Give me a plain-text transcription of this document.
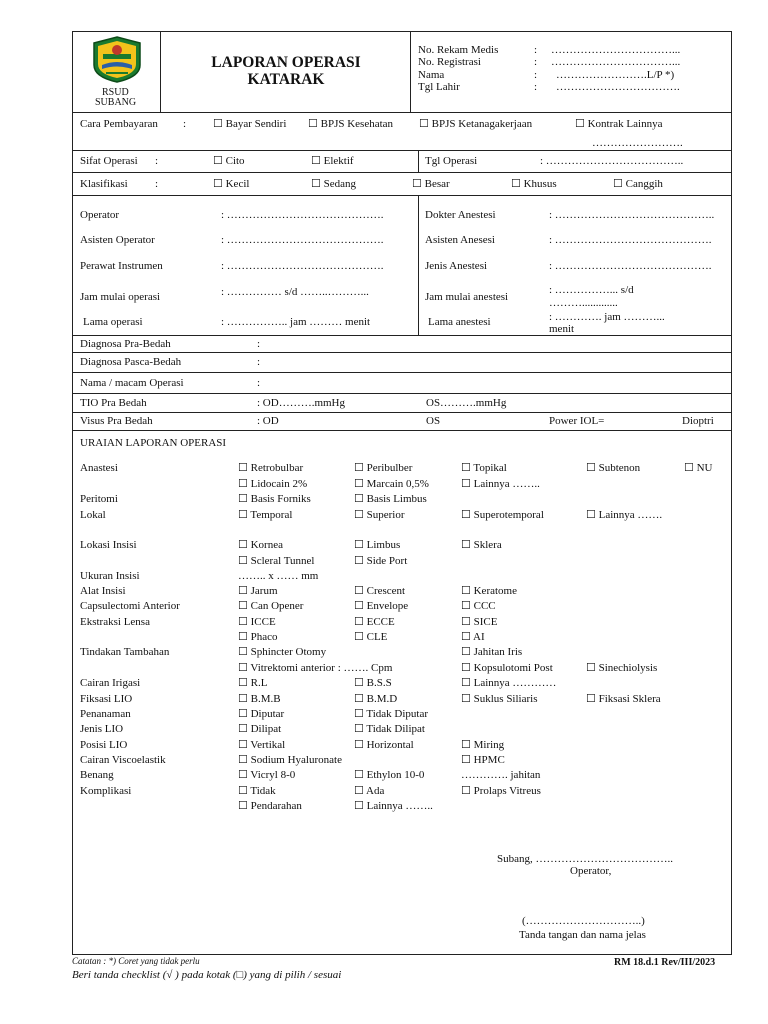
RSUD
SUBANG
LAPORAN OPERASI
KATARAK
No. Rekam Medis	: ……………………………...
No. Registrasi	: ……………………………...
Nama	: …………………….L/P *)
Tgl Lahir	: …………………………….
Cara Pembayaran : ☐ Bayar Sendiri ☐ BPJS Kesehatan ☐ BPJS Ketanagakerjaan	☐ Kontrak Lainnya
…………………….
Sifat Operasi :	☐ Cito	☐ Elektif	Tgl Operasi	: ………………………………..
Klasifikasi :	☐ Kecil	☐ Sedang	☐ Besar	☐ Khusus	☐ Canggih
Operator	: …………………………………….
Asisten Operator	: …………………………………….
Perawat Instrumen	: …………………………………….
Jam mulai operasi	: …………… s/d ……..………...
Lama operasi	: …………….. jam ……… menit
Dokter Anestesi	: ……………………………………..
Asisten Anesesi	: …………………………………….
Jenis Anestesi	: …………………………………….
Jam mulai anestesi
: ……………... s/d
……….............
Lama anestesi	: …………. jam ………...
menit
Diagnosa Pra-Bedah	:
Diagnosa Pasca-Bedah	:
Nama / macam Operasi	:
TIO Pra Bedah	: OD……….mmHg	OS……….mmHg
Visus Pra Bedah	: OD	OS	Power IOL=	Dioptri
URAIAN LAPORAN OPERASI
Anastesi	☐ Retrobulbar	☐ Peribulber	☐ Topikal	☐ Subtenon	☐ NU
☐ Lidocain 2%	☐ Marcain 0,5%	☐ Lainnya ……..
Peritomi	☐ Basis Forniks	☐ Basis Limbus
Lokal	☐ Temporal	☐ Superior	☐ Superotemporal	☐ Lainnya …….
Lokasi Insisi	☐ Kornea	☐ Limbus	☐ Sklera
☐ Scleral Tunnel	☐ Side Port
Ukuran Insisi	…….. x …… mm
Alat Insisi	☐ Jarum	☐ Crescent	☐ Keratome
Capsulectomi Anterior	☐ Can Opener	☐ Envelope	☐ CCC
Ekstraksi Lensa	☐ ICCE	☐ ECCE	☐ SICE
☐ Phaco	☐ CLE	☐ AI
Tindakan Tambahan	☐ Sphincter Otomy	☐ Jahitan Iris
☐ Vitrektomi anterior : ……. Cpm	☐ Kopsulotomi Post	☐ Sinechiolysis
Cairan Irigasi	☐ R.L	☐ B.S.S	☐ Lainnya …………
Fiksasi LIO	☐ B.M.B	☐ B.M.D	☐ Suklus Siliaris	☐ Fiksasi Sklera
Penanaman	☐ Diputar	☐ Tidak Diputar
Jenis LIO	☐ Dilipat	☐ Tidak Dilipat
Posisi LIO	☐ Vertikal	☐ Horizontal	☐ Miring
Cairan Viscoelastik	☐ Sodium Hyaluronate	☐ HPMC
Benang	☐ Vicryl 8-0	☐ Ethylon 10-0	…………. jahitan
Komplikasi	☐ Tidak	☐ Ada	☐ Prolaps Vitreus
☐ Pendarahan	☐ Lainnya ……..
Subang, ………………………………..
Operator,
(…………………………..)
Tanda tangan dan nama jelas
Catatan : *) Coret yang tidak perlu
Beri tanda checklist (√ ) pada kotak (□) yang di pilih / sesuai
RM 18.d.1 Rev/III/2023
